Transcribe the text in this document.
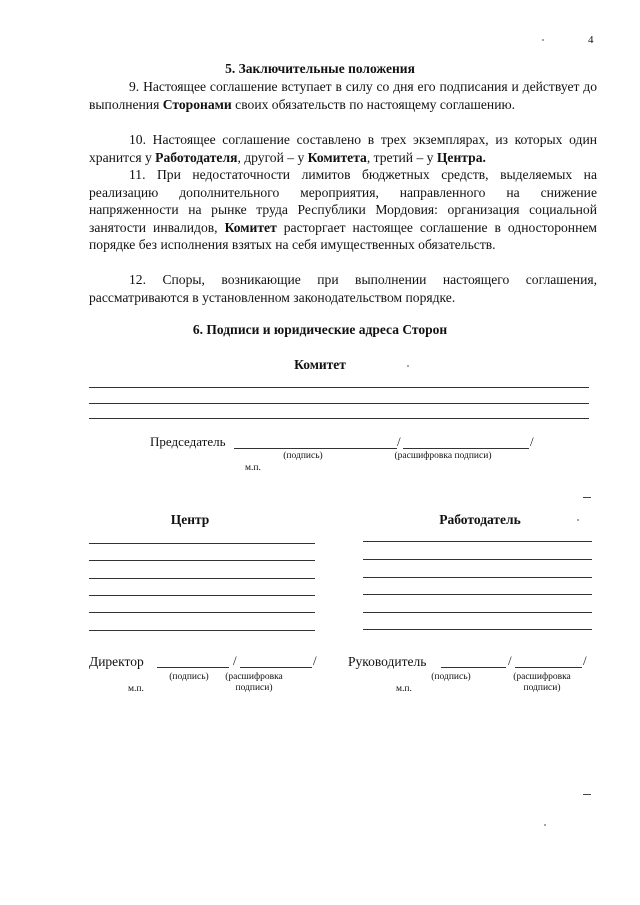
4
5. Заключительные положения
9. Настоящее соглашение вступает в силу со дня его подписания и действует до выполнения Сторонами своих обязательств по настоящему соглашению.
10. Настоящее соглашение составлено в трех экземплярах, из которых один хранится у Работодателя, другой – у Комитета, третий – у Центра.
11. При недостаточности лимитов бюджетных средств, выделяемых на реализацию дополнительного мероприятия, направленного на снижение напряженности на рынке труда Республики Мордовия: организация социальной занятости инвалидов, Комитет расторгает настоящее соглашение в одностороннем порядке без исполнения взятых на себя имущественных обязательств.
12. Споры, возникающие при выполнении настоящего соглашения, рассматриваются в установленном законодательством порядке.
6. Подписи и юридические адреса Сторон
Комитет
Председатель	/	/
(подпись)	(расшифровка подписи)
м.п.
Центр	Работодатель
Директор	/	/
(подпись)	(расшифровка подписи)
м.п.
Руководитель	/	/
(подпись)	(расшифровка подписи)
м.п.
